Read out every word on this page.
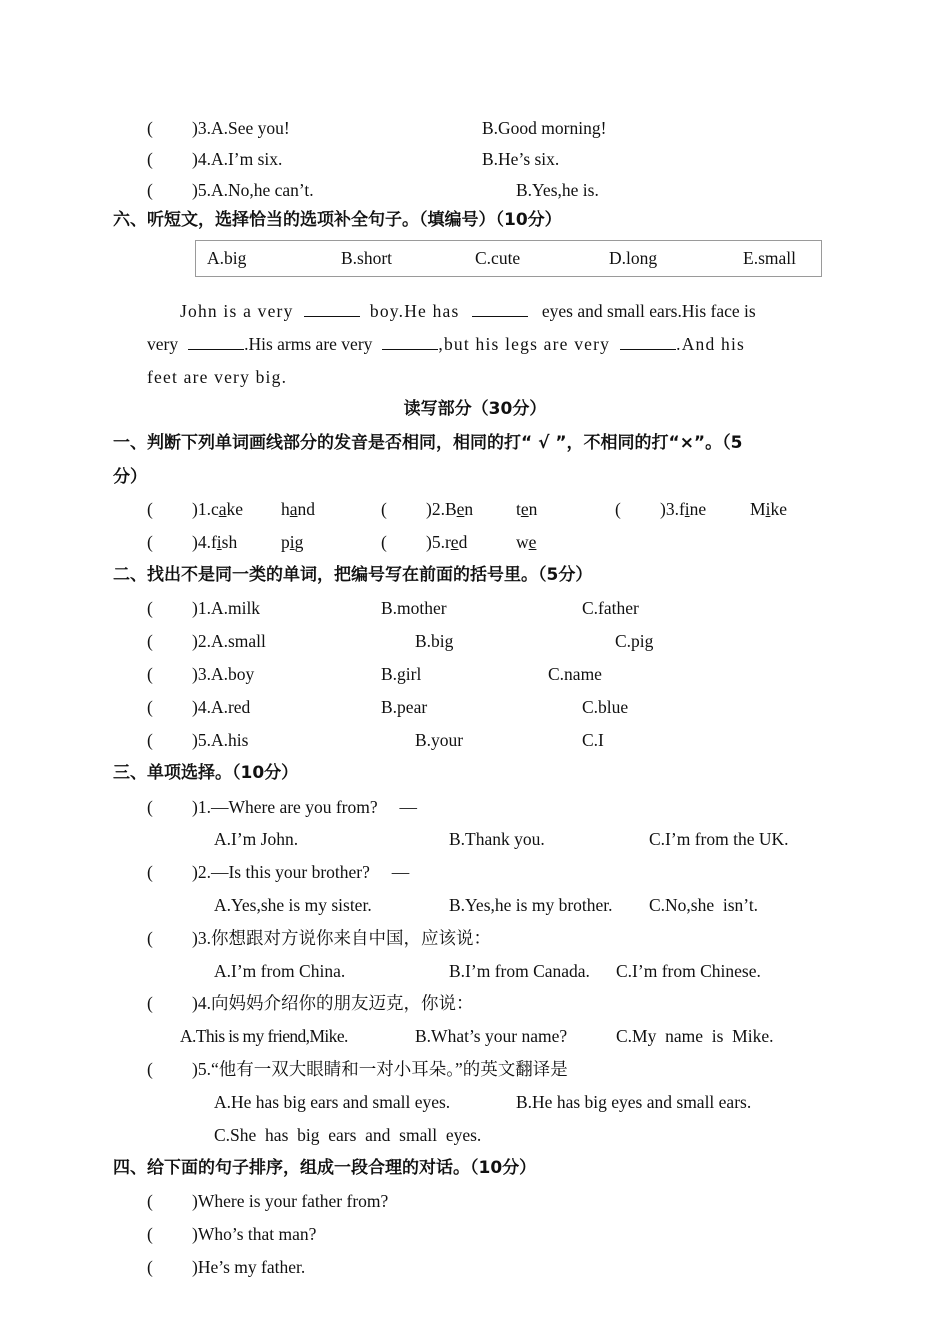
( )3.A.See you!	B.Good morning!
( )4.A.I’m six.	B.He’s six.
( )5.A.No,he can’t.	B.Yes,he is.
六、听短文，选择恰当的选项补全句子。（填编号）（10分）
A.big	B.short	C.cute	D.long	E.small
John is a very	boy.He has	eyes and small ears.His face is
very	.His arms are very	,but his legs are very	.And his
feet are very big.
读写部分（30分）
一、判断下列单词画线部分的发音是否相同，相同的打“ √ ”，不相同的打“×”。（5
分）
( )1.cake hand	( )2.Ben ten	( )3.fine	Mike
( )4.fish	pig	( )5.red	we
二、找出不是同一类的单词，把编号写在前面的括号里。（5分）
( )1.A.milk	B.mother	C.father
( )2.A.small	B.big	C.pig
( )3.A.boy	B.girl	C.name
( )4.A.red	B.pear	C.blue
( )5.A.his	B.your	C.I
三、单项选择。（10分）
( )1.—Where are you from?     —
A.I’m John.	B.Thank you.	C.I’m from the UK.
( )2.—Is this your brother?     —
A.Yes,she is my sister.	B.Yes,he is my brother. C.No,she  isn’t.
( )3.你想跟对方说你来自中国，应该说：
A.I’m from China.	B.I’m from Canada. C.I’m from Chinese.
( )4.向妈妈介绍你的朋友迈克，你说：
A.This is my friend,Mike.	B.What’s your name?	C.My  name  is  Mike.
( )5.“他有一双大眼睛和一对小耳朵。”的英文翻译是
A.He has big ears and small eyes.	B.He has big eyes and small ears.
C.She  has  big  ears  and  small  eyes.
四、给下面的句子排序，组成一段合理的对话。（10分）
( )Where is your father from?
( )Who’s that man?
( )He’s my father.
